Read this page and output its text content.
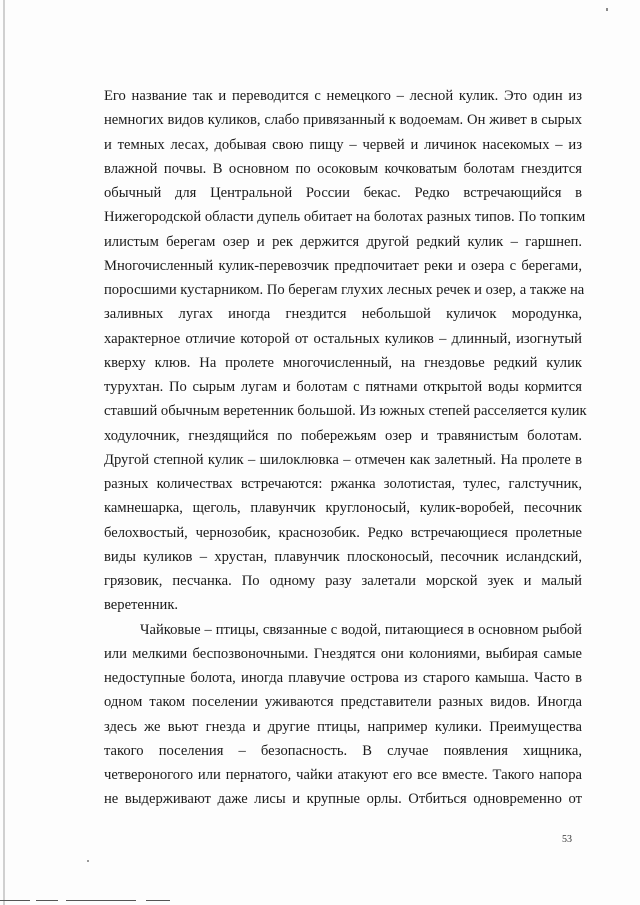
Его название так и переводится с немецкого – лесной кулик. Это один из
немногих видов куликов, слабо привязанный к водоемам. Он живет в сырых
и темных лесах, добывая свою пищу – червей и личинок насекомых – из
влажной почвы. В основном по осоковым кочковатым болотам гнездится
обычный для Центральной России бекас. Редко встречающийся в
Нижегородской области дупель обитает на болотах разных типов. По топким
илистым берегам озер и рек держится другой редкий кулик – гаршнеп.
Многочисленный кулик-перевозчик предпочитает реки и озера с берегами,
поросшими кустарником. По берегам глухих лесных речек и озер, а также на
заливных лугах иногда гнездится небольшой куличок мородунка,
характерное отличие которой от остальных куликов – длинный, изогнутый
кверху клюв. На пролете многочисленный, на гнездовье редкий кулик
турухтан. По сырым лугам и болотам с пятнами открытой воды кормится
ставший обычным веретенник большой. Из южных степей расселяется кулик
ходулочник, гнездящийся по побережьям озер и травянистым болотам.
Другой степной кулик – шилоклювка – отмечен как залетный. На пролете в
разных количествах встречаются: ржанка золотистая, тулес, галстучник,
камнешарка, щеголь, плавунчик круглоносый, кулик-воробей, песочник
белохвостый, чернозобик, краснозобик. Редко встречающиеся пролетные
виды куликов – хрустан, плавунчик плосконосый, песочник исландский,
грязовик, песчанка. По одному разу залетали морской зуек и малый
веретенник.
Чайковые – птицы, связанные с водой, питающиеся в основном рыбой
или мелкими беспозвоночными. Гнездятся они колониями, выбирая самые
недоступные болота, иногда плавучие острова из старого камыша. Часто в
одном таком поселении уживаются представители разных видов. Иногда
здесь же вьют гнезда и другие птицы, например кулики. Преимущества
такого поселения – безопасность. В случае появления хищника,
четвероногого или пернатого, чайки атакуют его все вместе. Такого напора
не выдерживают даже лисы и крупные орлы. Отбиться одновременно от
53
